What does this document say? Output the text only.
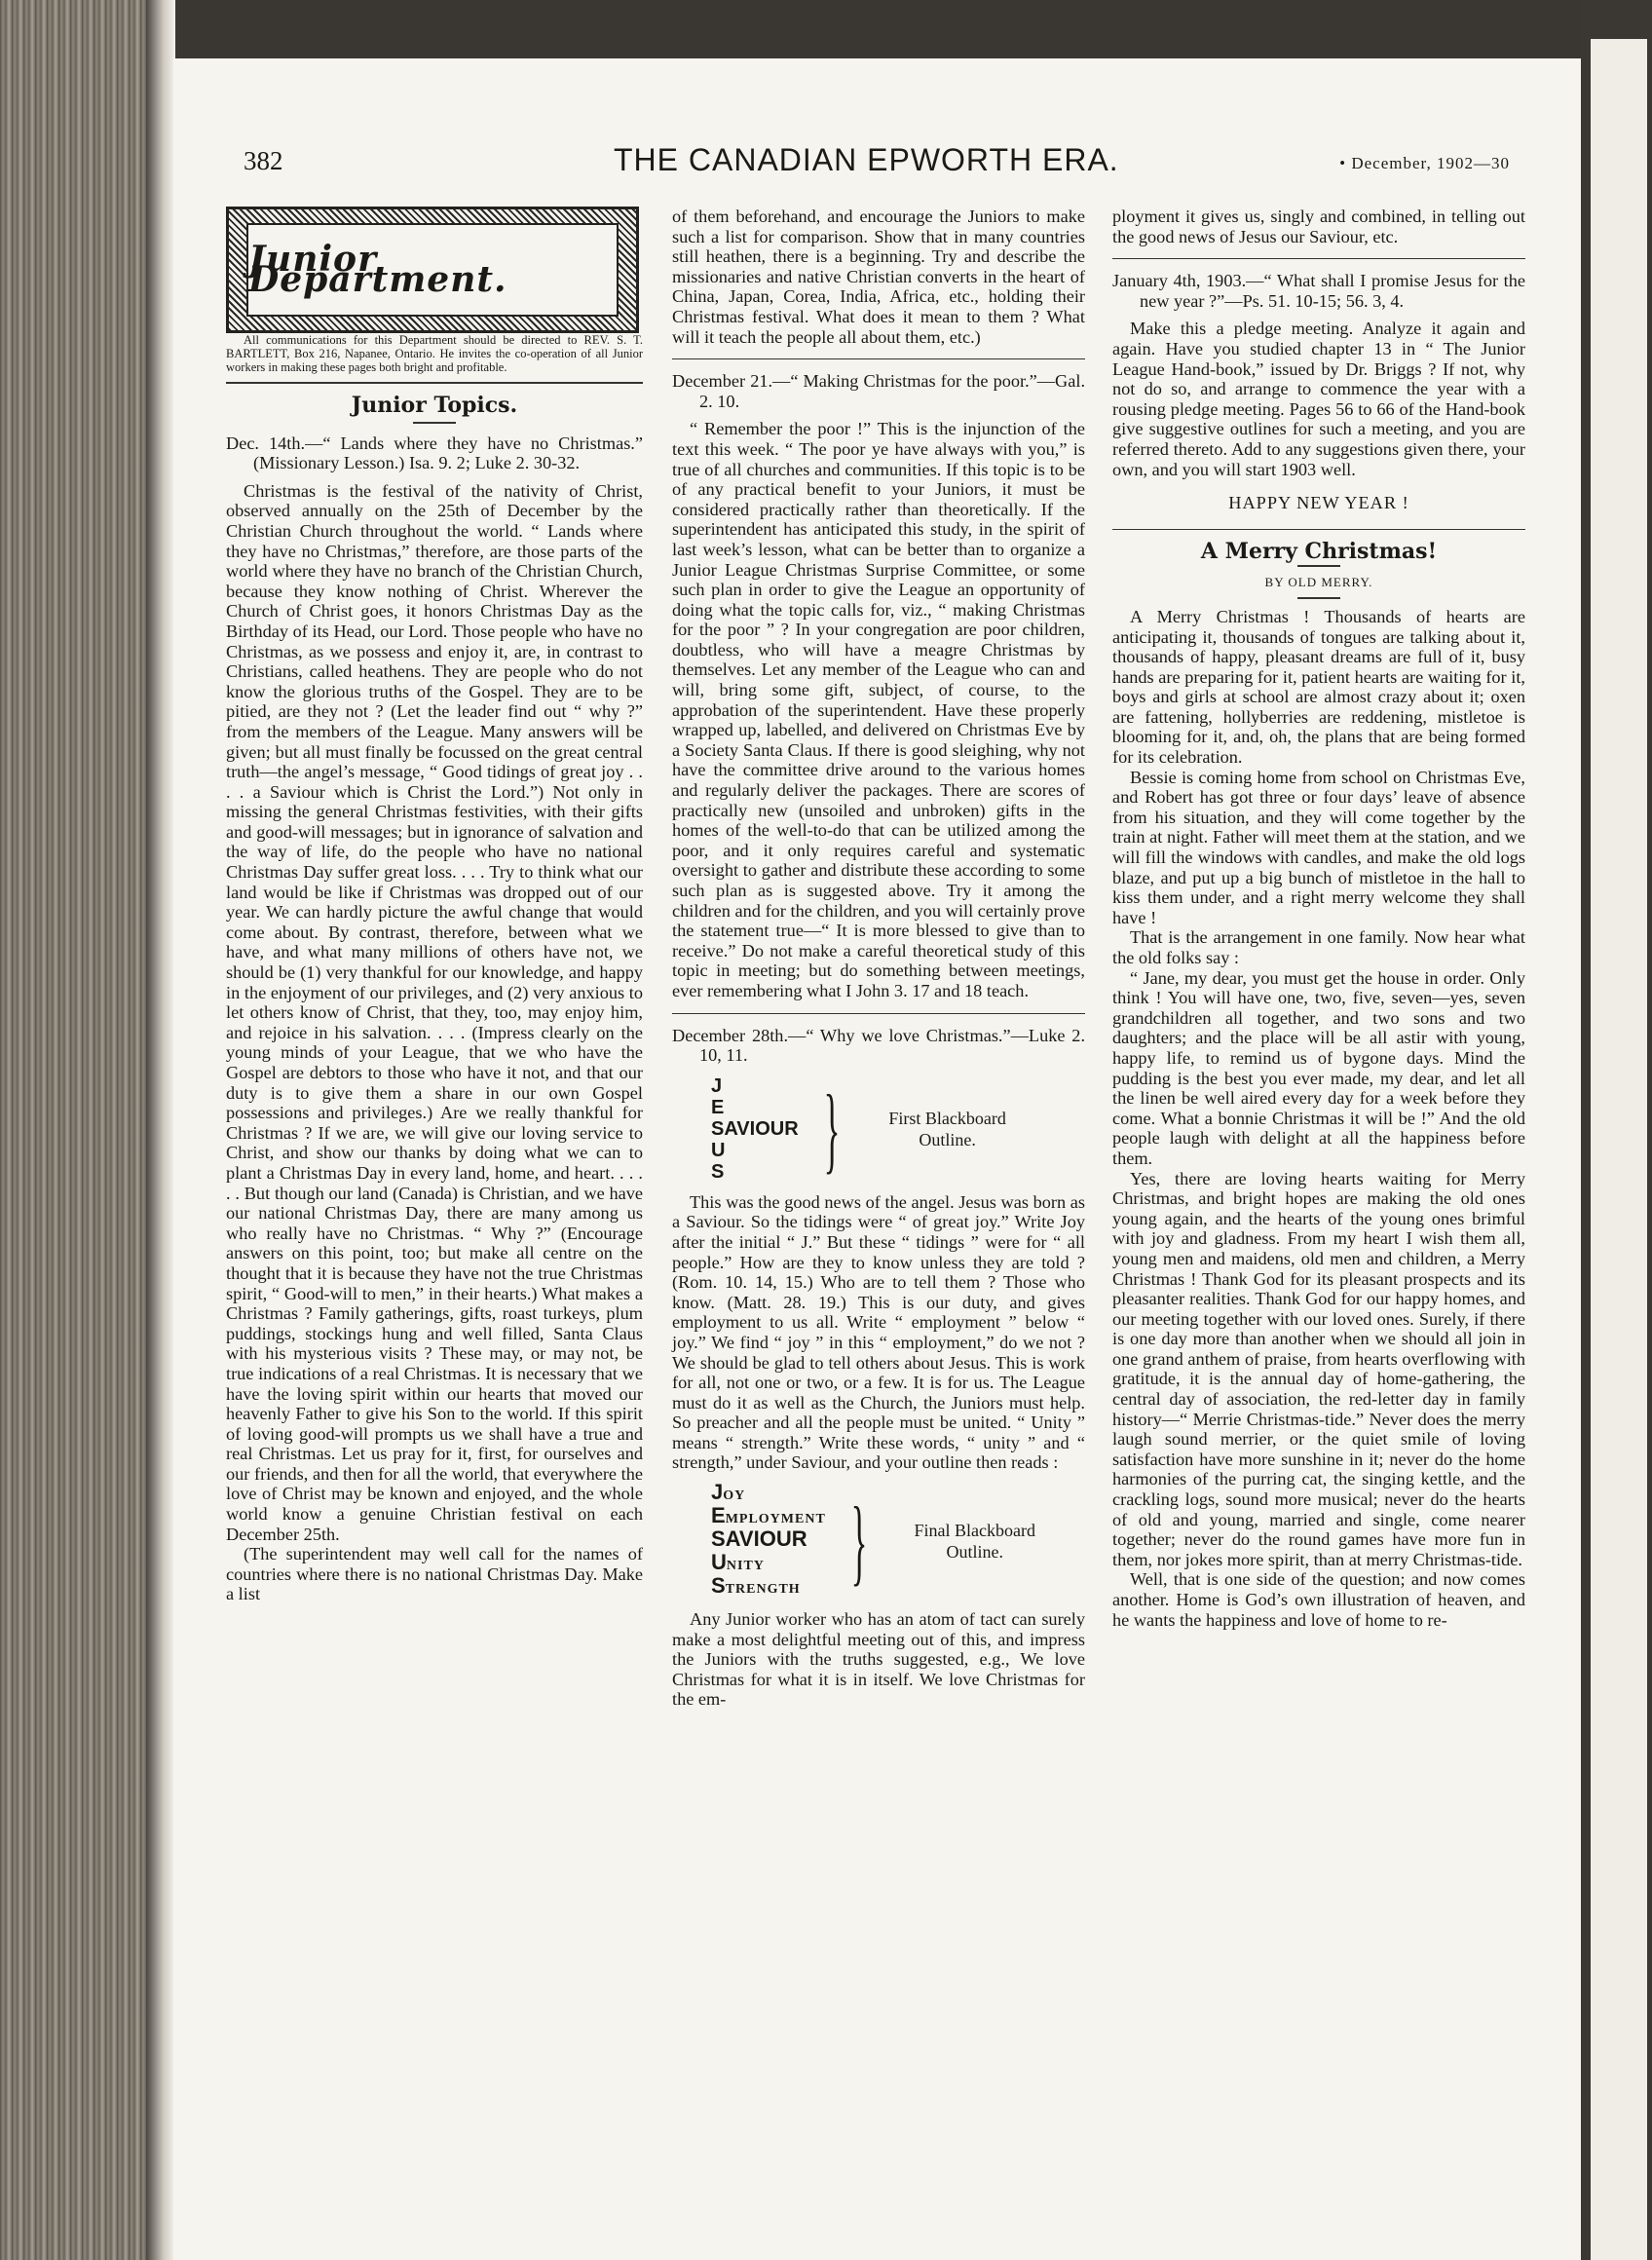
382	THE CANADIAN EPWORTH ERA.	• December, 1902—30
Junior Department.

All communications for this Department should be directed to REV. S. T. BARTLETT, Box 216, Napanee, Ontario. He invites the co-operation of all Junior workers in making these pages both bright and profitable.

Junior Topics.

Dec. 14th.—“ Lands where they have no Christmas.” (Missionary Lesson.) Isa. 9. 2; Luke 2. 30-32.

Christmas is the festival of the nativity of Christ, observed annually on the 25th of December by the Christian Church throughout the world. “ Lands where they have no Christmas,” therefore, are those parts of the world where they have no branch of the Christian Church, because they know nothing of Christ. Wherever the Church of Christ goes, it honors Christmas Day as the Birthday of its Head, our Lord. Those people who have no Christmas, as we possess and enjoy it, are, in contrast to Christians, called heathens. They are people who do not know the glorious truths of the Gospel. They are to be pitied, are they not ? (Let the leader find out “ why ?” from the members of the League. Many answers will be given; but all must finally be focussed on the great central truth—the angel’s message, “ Good tidings of great joy . . . . a Saviour which is Christ the Lord.”) Not only in missing the general Christmas festivities, with their gifts and good-will messages; but in ignorance of salvation and the way of life, do the people who have no national Christmas Day suffer great loss. . . . Try to think what our land would be like if Christmas was dropped out of our year. We can hardly picture the awful change that would come about. By contrast, therefore, between what we have, and what many millions of others have not, we should be (1) very thankful for our knowledge, and happy in the enjoyment of our privileges, and (2) very anxious to let others know of Christ, that they, too, may enjoy him, and rejoice in his salvation. . . . (Impress clearly on the young minds of your League, that we who have the Gospel are debtors to those who have it not, and that our duty is to give them a share in our own Gospel possessions and privileges.) Are we really thankful for Christmas ? If we are, we will give our loving service to Christ, and show our thanks by doing what we can to plant a Christmas Day in every land, home, and heart. . . . . . But though our land (Canada) is Christian, and we have our national Christmas Day, there are many among us who really have no Christmas. “ Why ?” (Encourage answers on this point, too; but make all centre on the thought that it is because they have not the true Christmas spirit, “ Good-will to men,” in their hearts.) What makes a Christmas ? Family gatherings, gifts, roast turkeys, plum puddings, stockings hung and well filled, Santa Claus with his mysterious visits ? These may, or may not, be true indications of a real Christmas. It is necessary that we have the loving spirit within our hearts that moved our heavenly Father to give his Son to the world. If this spirit of loving good-will prompts us we shall have a true and real Christmas. Let us pray for it, first, for ourselves and our friends, and then for all the world, that everywhere the love of Christ may be known and enjoyed, and the whole world know a genuine Christian festival on each December 25th.

(The superintendent may well call for the names of countries where there is no national Christmas Day. Make a list

of them beforehand, and encourage the Juniors to make such a list for comparison. Show that in many countries still heathen, there is a beginning. Try and describe the missionaries and native Christian converts in the heart of China, Japan, Corea, India, Africa, etc., holding their Christmas festival. What does it mean to them ? What will it teach the people all about them, etc.)

December 21.—“ Making Christmas for the poor.”—Gal. 2. 10.

“ Remember the poor !” This is the injunction of the text this week. “ The poor ye have always with you,” is true of all churches and communities. If this topic is to be of any practical benefit to your Juniors, it must be considered practically rather than theoretically. If the superintendent has anticipated this study, in the spirit of last week’s lesson, what can be better than to organize a Junior League Christmas Surprise Committee, or some such plan in order to give the League an opportunity of doing what the topic calls for, viz., “ making Christmas for the poor ” ? In your congregation are poor children, doubtless, who will have a meagre Christmas by themselves. Let any member of the League who can and will, bring some gift, subject, of course, to the approbation of the superintendent. Have these properly wrapped up, labelled, and delivered on Christmas Eve by a Society Santa Claus. If there is good sleighing, why not have the committee drive around to the various homes and regularly deliver the packages. There are scores of practically new (unsoiled and unbroken) gifts in the homes of the well-to-do that can be utilized among the poor, and it only requires careful and systematic oversight to gather and distribute these according to some such plan as is suggested above. Try it among the children and for the children, and you will certainly prove the statement true—“ It is more blessed to give than to receive.” Do not make a careful theoretical study of this topic in meeting; but do something between meetings, ever remembering what I John 3. 17 and 18 teach.

December 28th.—“ Why we love Christmas.”—Luke 2. 10, 11.

J
E
SAVIOUR
U
S	}	First Blackboard Outline.

This was the good news of the angel. Jesus was born as a Saviour. So the tidings were “ of great joy.” Write Joy after the initial “ J.” But these “ tidings ” were for “ all people.” How are they to know unless they are told ? (Rom. 10. 14, 15.) Who are to tell them ? Those who know. (Matt. 28. 19.) This is our duty, and gives employment to us all. Write “ employment ” below “ joy.” We find “ joy ” in this “ employment,” do we not ? We should be glad to tell others about Jesus. This is work for all, not one or two, or a few. It is for us. The League must do it as well as the Church, the Juniors must help. So preacher and all the people must be united. “ Unity ” means “ strength.” Write these words, “ unity ” and “ strength,” under Saviour, and your outline then reads :

JOY
EMPLOYMENT
SAVIOUR
UNITY
STRENGTH }	Final Blackboard Outline.

Any Junior worker who has an atom of tact can surely make a most delightful meeting out of this, and impress the Juniors with the truths suggested, e.g., We love Christmas for what it is in itself. We love Christmas for the em-

ployment it gives us, singly and combined, in telling out the good news of Jesus our Saviour, etc.

January 4th, 1903.—“ What shall I promise Jesus for the new year ?”—Ps. 51. 10-15; 56. 3, 4.

Make this a pledge meeting. Analyze it again and again. Have you studied chapter 13 in “ The Junior League Hand-book,” issued by Dr. Briggs ? If not, why not do so, and arrange to commence the year with a rousing pledge meeting. Pages 56 to 66 of the Hand-book give suggestive outlines for such a meeting, and you are referred thereto. Add to any suggestions given there, your own, and you will start 1903 well.

HAPPY NEW YEAR !
A Merry Christmas!
BY OLD MERRY.

A Merry Christmas ! Thousands of hearts are anticipating it, thousands of tongues are talking about it, thousands of happy, pleasant dreams are full of it, busy hands are preparing for it, patient hearts are waiting for it, boys and girls at school are almost crazy about it; oxen are fattening, hollyberries are reddening, mistletoe is blooming for it, and, oh, the plans that are being formed for its celebration.

Bessie is coming home from school on Christmas Eve, and Robert has got three or four days’ leave of absence from his situation, and they will come together by the train at night. Father will meet them at the station, and we will fill the windows with candles, and make the old logs blaze, and put up a big bunch of mistletoe in the hall to kiss them under, and a right merry welcome they shall have !

That is the arrangement in one family. Now hear what the old folks say :

“ Jane, my dear, you must get the house in order. Only think ! You will have one, two, five, seven—yes, seven grandchildren all together, and two sons and two daughters; and the place will be all astir with young, happy life, to remind us of bygone days. Mind the pudding is the best you ever made, my dear, and let all the linen be well aired every day for a week before they come. What a bonnie Christmas it will be !” And the old people laugh with delight at all the happiness before them.

Yes, there are loving hearts waiting for Merry Christmas, and bright hopes are making the old ones young again, and the hearts of the young ones brimful with joy and gladness. From my heart I wish them all, young men and maidens, old men and children, a Merry Christmas ! Thank God for its pleasant prospects and its pleasanter realities. Thank God for our happy homes, and our meeting together with our loved ones. Surely, if there is one day more than another when we should all join in one grand anthem of praise, from hearts overflowing with gratitude, it is the annual day of home-gathering, the central day of association, the red-letter day in family history—“ Merrie Christmas-tide.” Never does the merry laugh sound merrier, or the quiet smile of loving satisfaction have more sunshine in it; never do the home harmonies of the purring cat, the singing kettle, and the crackling logs, sound more musical; never do the hearts of old and young, married and single, come nearer together; never do the round games have more fun in them, nor jokes more spirit, than at merry Christmas-tide.

Well, that is one side of the question; and now comes another. Home is God’s own illustration of heaven, and he wants the happiness and love of home to re-
